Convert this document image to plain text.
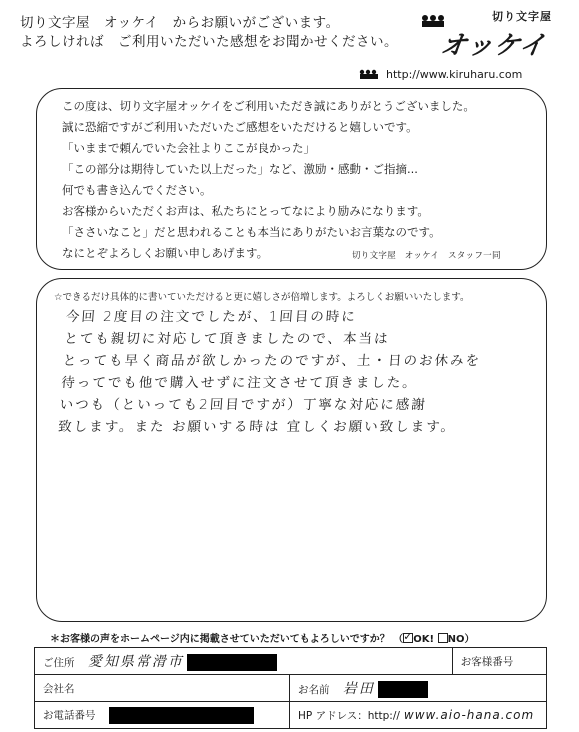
切り文字屋　オッケイ　からお願いがございます。
よろしければ　ご利用いただいた感想をお聞かせください。
切り文字屋
オッケイ
http://www.kiruharu.com
この度は、切り文字屋オッケイをご利用いただき誠にありがとうございました。
誠に恐縮ですがご利用いただいたご感想をいただけると嬉しいです。
「いままで頼んでいた会社よりここが良かった」
「この部分は期待していた以上だった」など、激励・感動・ご指摘...
何でも書き込んでください。
お客様からいただくお声は、私たちにとってなにより励みになります。
「ささいなこと」だと思われることも本当にありがたいお言葉なのです。
なにとぞよろしくお願い申しあげます。	切り文字屋　オッケイ　スタッフ一同
☆できるだけ具体的に書いていただけると更に嬉しさが倍増します。よろしくお願いいたします。
今回 2度目の注文でしたが、1回目の時に
とても親切に対応して頂きましたので、本当は
とっても早く商品が欲しかったのですが、土・日のお休みを
待ってでも他で購入せずに注文させて頂きました。
いつも（といっても2回目ですが）丁寧な対応に感謝
致します。また お願いする時は 宜しくお願い致します。
＊お客様の声をホームページ内に掲載させていただいてもよろしいですか？ （ ✓ OK! NO）
ご住所 愛知県常滑市		お客様番号
会社名	お名前 岩田	
お電話番号	HP アドレス：http:// www.aio-hana.com	
